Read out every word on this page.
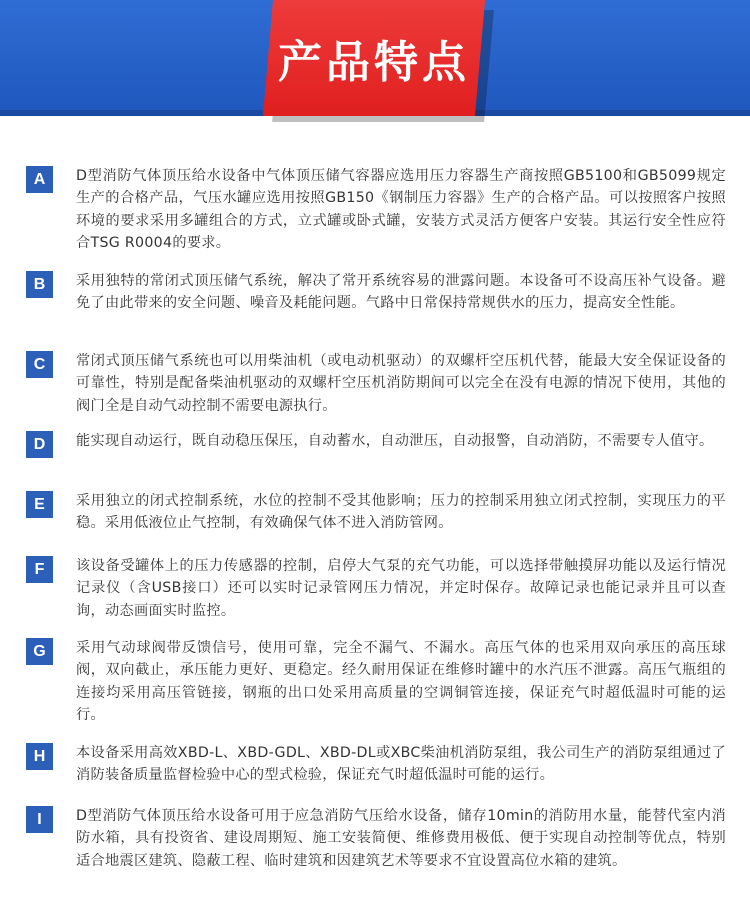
产品特点
A	D型消防气体顶压给水设备中气体顶压储气容器应选用压力容器生产商按照GB5100和GB5099规定生产的合格产品，气压水罐应选用按照GB150《钢制压力容器》生产的合格产品。可以按照客户按照环境的要求采用多罐组合的方式，立式罐或卧式罐，安装方式灵活方便客户安装。其运行安全性应符合TSG R0004的要求。
B	采用独特的常闭式顶压储气系统，解决了常开系统容易的泄露问题。本设备可不设高压补气设备。避免了由此带来的安全问题、噪音及耗能问题。气路中日常保持常规供水的压力，提高安全性能。
C	常闭式顶压储气系统也可以用柴油机（或电动机驱动）的双螺杆空压机代替，能最大安全保证设备的可靠性，特别是配备柴油机驱动的双螺杆空压机消防期间可以完全在没有电源的情况下使用，其他的阀门全是自动气动控制不需要电源执行。
D	能实现自动运行，既自动稳压保压，自动蓄水，自动泄压，自动报警，自动消防，不需要专人值守。
E	采用独立的闭式控制系统，水位的控制不受其他影响；压力的控制采用独立闭式控制，实现压力的平稳。采用低液位止气控制，有效确保气体不进入消防管网。
F	该设备受罐体上的压力传感器的控制，启停大气泵的充气功能，可以选择带触摸屏功能以及运行情况记录仪（含USB接口）还可以实时记录管网压力情况，并定时保存。故障记录也能记录并且可以查询，动态画面实时监控。
G	采用气动球阀带反馈信号，使用可靠，完全不漏气、不漏水。高压气体的也采用双向承压的高压球阀，双向截止，承压能力更好、更稳定。经久耐用保证在维修时罐中的水汽压不泄露。高压气瓶组的连接均采用高压管链接，钢瓶的出口处采用高质量的空调铜管连接，保证充气时超低温时可能的运行。
H	本设备采用高效XBD-L、XBD-GDL、XBD-DL或XBC柴油机消防泵组，我公司生产的消防泵组通过了消防装备质量监督检验中心的型式检验，保证充气时超低温时可能的运行。
I	D型消防气体顶压给水设备可用于应急消防气压给水设备，储存10min的消防用水量，能替代室内消防水箱，具有投资省、建设周期短、施工安装简便、维修费用极低、便于实现自动控制等优点，特别适合地震区建筑、隐蔽工程、临时建筑和因建筑艺术等要求不宜设置高位水箱的建筑。
